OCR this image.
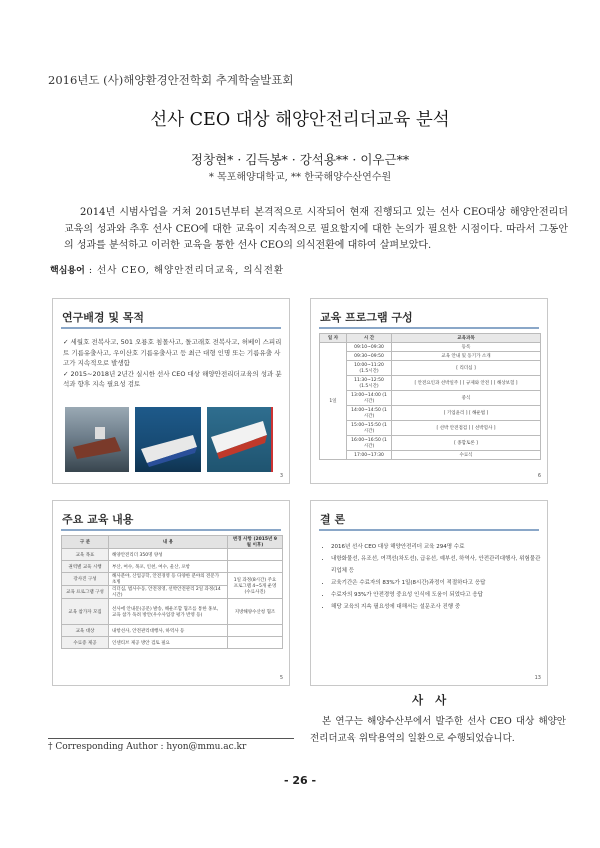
2016년도 (사)해양환경안전학회 추계학술발표회
선사 CEO 대상 해양안전리더교육 분석
정창현* · 김득봉* · 강석용** · 이우근**
* 목포해양대학교, ** 한국해양수산연수원
2014년 시범사업을 거쳐 2015년부터 본격적으로 시작되어 현재 진행되고 있는 선사 CEO대상 해양안전리더 교육의 성과와 추후 선사 CEO에 대한 교육이 지속적으로 필요할지에 대한 논의가 필요한 시점이다. 따라서 그동안의 성과를 분석하고 이러한 교육을 통한 선사 CEO의 의식전환에 대하여 살펴보았다.
핵심용어 : 선사 CEO, 해양안전리더교육, 의식전환
연구배경 및 목적
✓ 세월호 전복사고, 501 오룡호 침몰사고, 돌고래호 전복사고, 허베이 스피리트 기름유출사고, 우이산호 기름유출사고 등 최근 대형 인명 또는 기름유출 사고가 지속적으로 발생함
✓ 2015~2018년 2년간 실시한 선사 CEO 대상 해양안전리더교육의 성과 분석과 향후 지속 필요성 검토
3
교육 프로그램 구성
일 자	시 간	교육과목
1일	09:10~09:30	등록
	09:30~09:50	교육 안내 및 동기가 소개
	10:00~11:20 (1.5시간)	[ 리더십 ]
	11:30~12:50 (1.5시간)	[ 안전요인과 선박일주 ] [ 규제와 안전 ] [ 해상보험 ]
	13:00~14:00 (1시간)	중식
	14:00~14:50 (1시간)	[ 기업윤리 ] [ 해운법 ]
	15:00~15:50 (1시간)	[ 선박 안전점검 ] [ 선박험사 ]
	16:00~16:50 (1시간)	[ 종합토론 ]
	17:00~17:30	수료식
6
주요 교육 내용
구 분	내 용	변경 사항 (2015년 9월 이후)
교육 목표	해양안전리더 350명 양성	
권역별 교육 시행	부산, 여수, 목포, 인천, 여수, 울산, 포항	
강사진 구성	해사분야, 산업공학, 안전경영 등 다양한 분야의 전문가 초빙	1일 과정(8시간) 주요 프로그램 4~5개 운영(수료사진)
교육 프로그램 구성	리더십, 법사수동, 안전경영, 선박안전관리 2일 과정(14시간)	
교육 참가자 모집	선사에 안내문(공문) 발송, 해운조합 협조를 통한 홍보, 교육 참가 독려 방안(우수사업장 평가 반영 등)	지방해양수산청 협조
교육 대상	내항선사, 안전관리대행사, 하역사 등	
수료증 제공	인센티브 제공 방안 검토 필요	
5
결 론
• 2016년 선사 CEO 대상 해양안전리더 교육 294명 수료
• 내항화물선, 유조선, 여객선(차도선), 급유선, 예부선, 하역사, 안전관리대행사, 위험물관리업체 등
• 교육기간은 수료자의 83%가 1일(8시간)과정이 적절하다고 응답
• 수료자의 93%가 안전경영 중요성 인식에 도움이 되었다고 응답
• 해당 교육의 지속 필요성에 대해서는 설문조사 진행 중
13
사 사
본 연구는 해양수산부에서 발주한 선사 CEO 대상 해양안전리더교육 위탁용역의 일환으로 수행되었습니다.
† Corresponding Author : hyon@mmu.ac.kr
- 26 -
